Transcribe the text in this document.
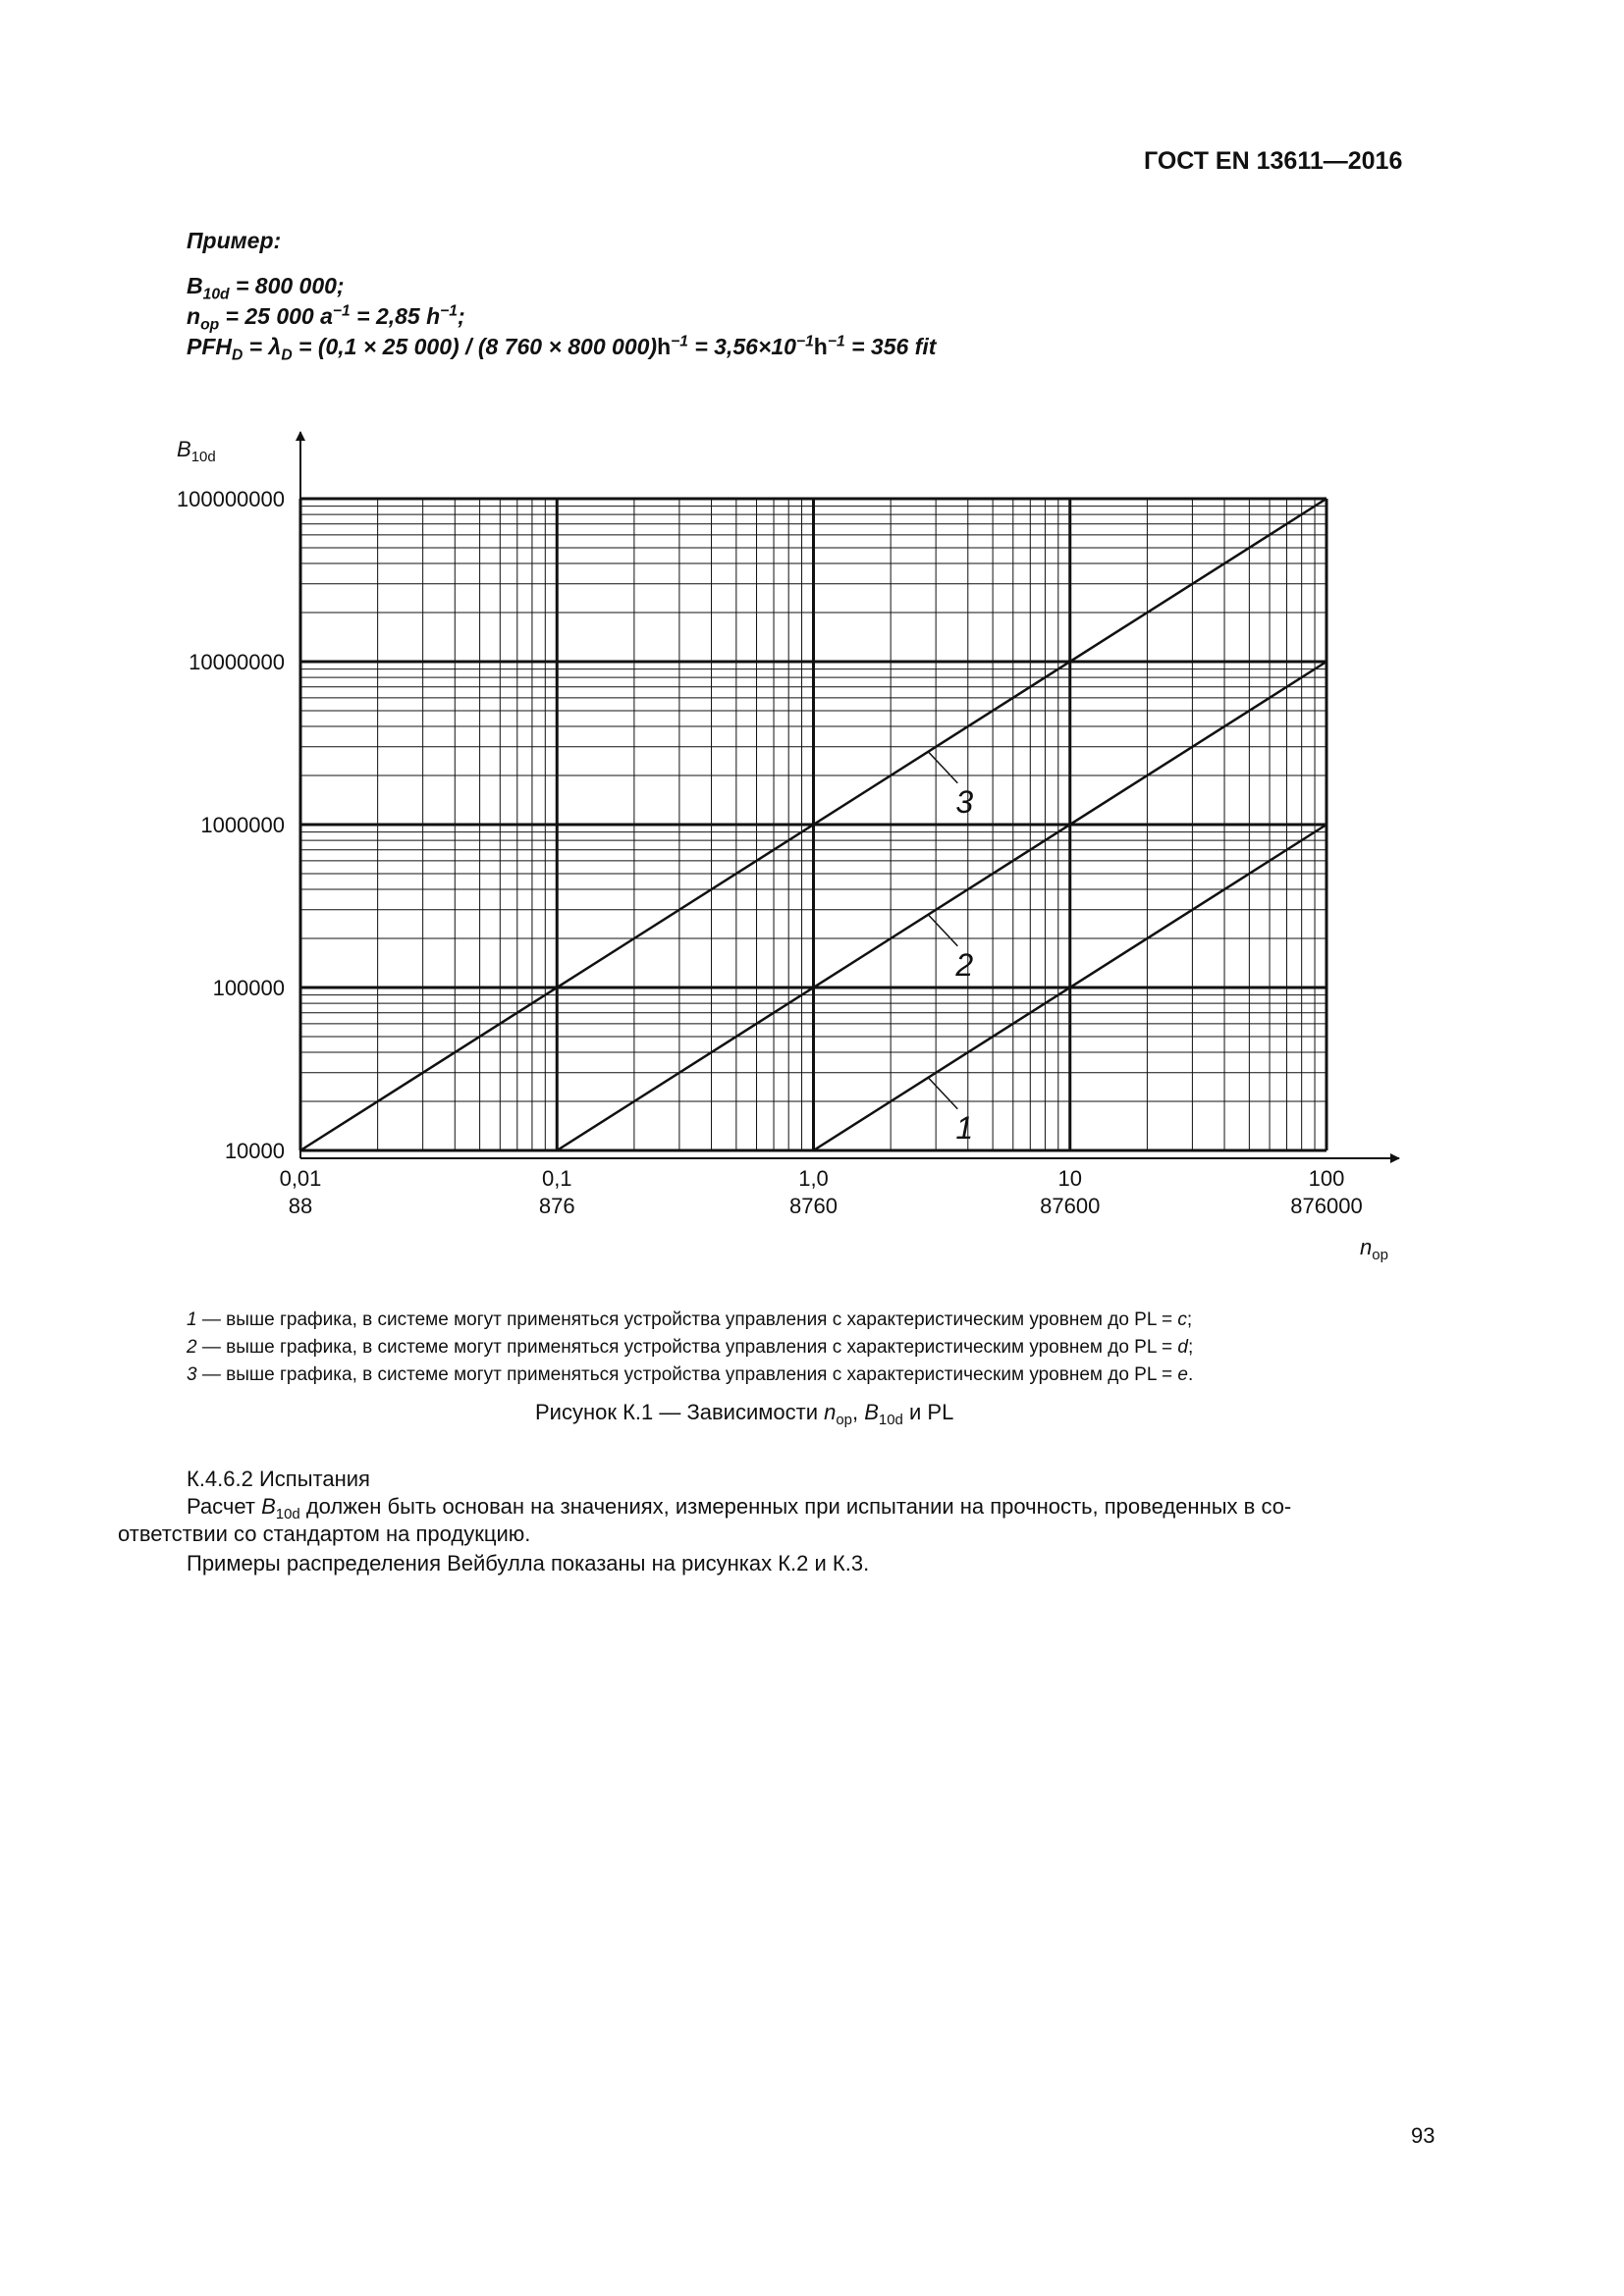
ГОСТ EN 13611—2016
Пример:
$B_{10d} = 800$ 000;
$n_{op} = 25$ 000 $a^{-1} = 2,85$ $h^{-1}$;
$PFH_D = \lambda_D = (0,1 \times 25$ 000) / (8 760 × 800 $000)h^{-1} = 3,56\times 10^{-1}h^{-1} = 356$ fit
1
2
3
10000
100000
1000000
10000000
100000000
0,01
88
0,1
876
1,0
8760
10
87600
100
876000
$B_{10d}$
$n_{op}$
1 — выше графика, в системе могут применяться устройства управления с характеристическим уровнем до PL = c;
2 — выше графика, в системе могут применяться устройства управления с характеристическим уровнем до PL = d;
3 — выше графика, в системе могут применяться устройства управления с характеристическим уровнем до PL = e.
Рисунок К.1 — Зависимости $n_{op}$, $B_{10d}$ и PL
К.4.6.2 Испытания
Расчет $B_{10d}$ должен быть основан на значениях, измеренных при испытании на прочность, проведенных в со-
ответствии со стандартом на продукцию.
Примеры распределения Вейбулла показаны на рисунках К.2 и К.3.
93
